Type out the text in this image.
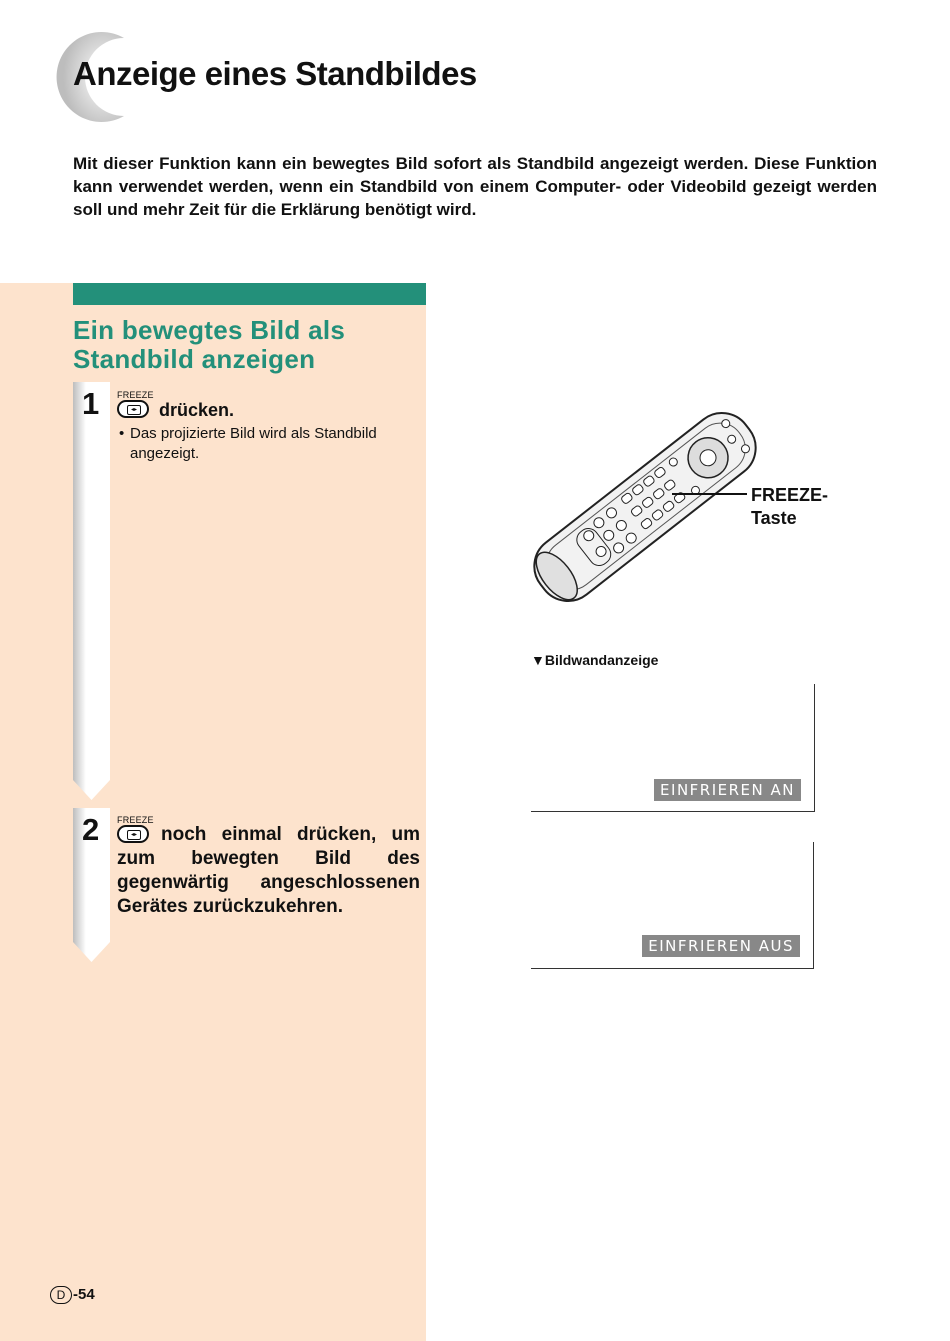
Anzeige eines Standbildes
Mit dieser Funktion kann ein bewegtes Bild sofort als Standbild angezeigt werden. Diese Funktion kann verwendet werden, wenn ein Standbild von einem Computer- oder Videobild gezeigt werden soll und mehr Zeit für die Erklärung benötigt wird.
Ein bewegtes Bild als
Standbild anzeigen
1 FREEZE
◂▸ drücken.
• Das projizierte Bild wird als Standbild angezeigt.
2 FREEZE
◂▸	noch einmal drücken, um zum bewegten Bild des gegenwärtig angeschlossenen Gerätes zurückzukehren.
D -54
FREEZE-
Taste
▼Bildwandanzeige
EINFRIEREN AN
EINFRIEREN AUS
